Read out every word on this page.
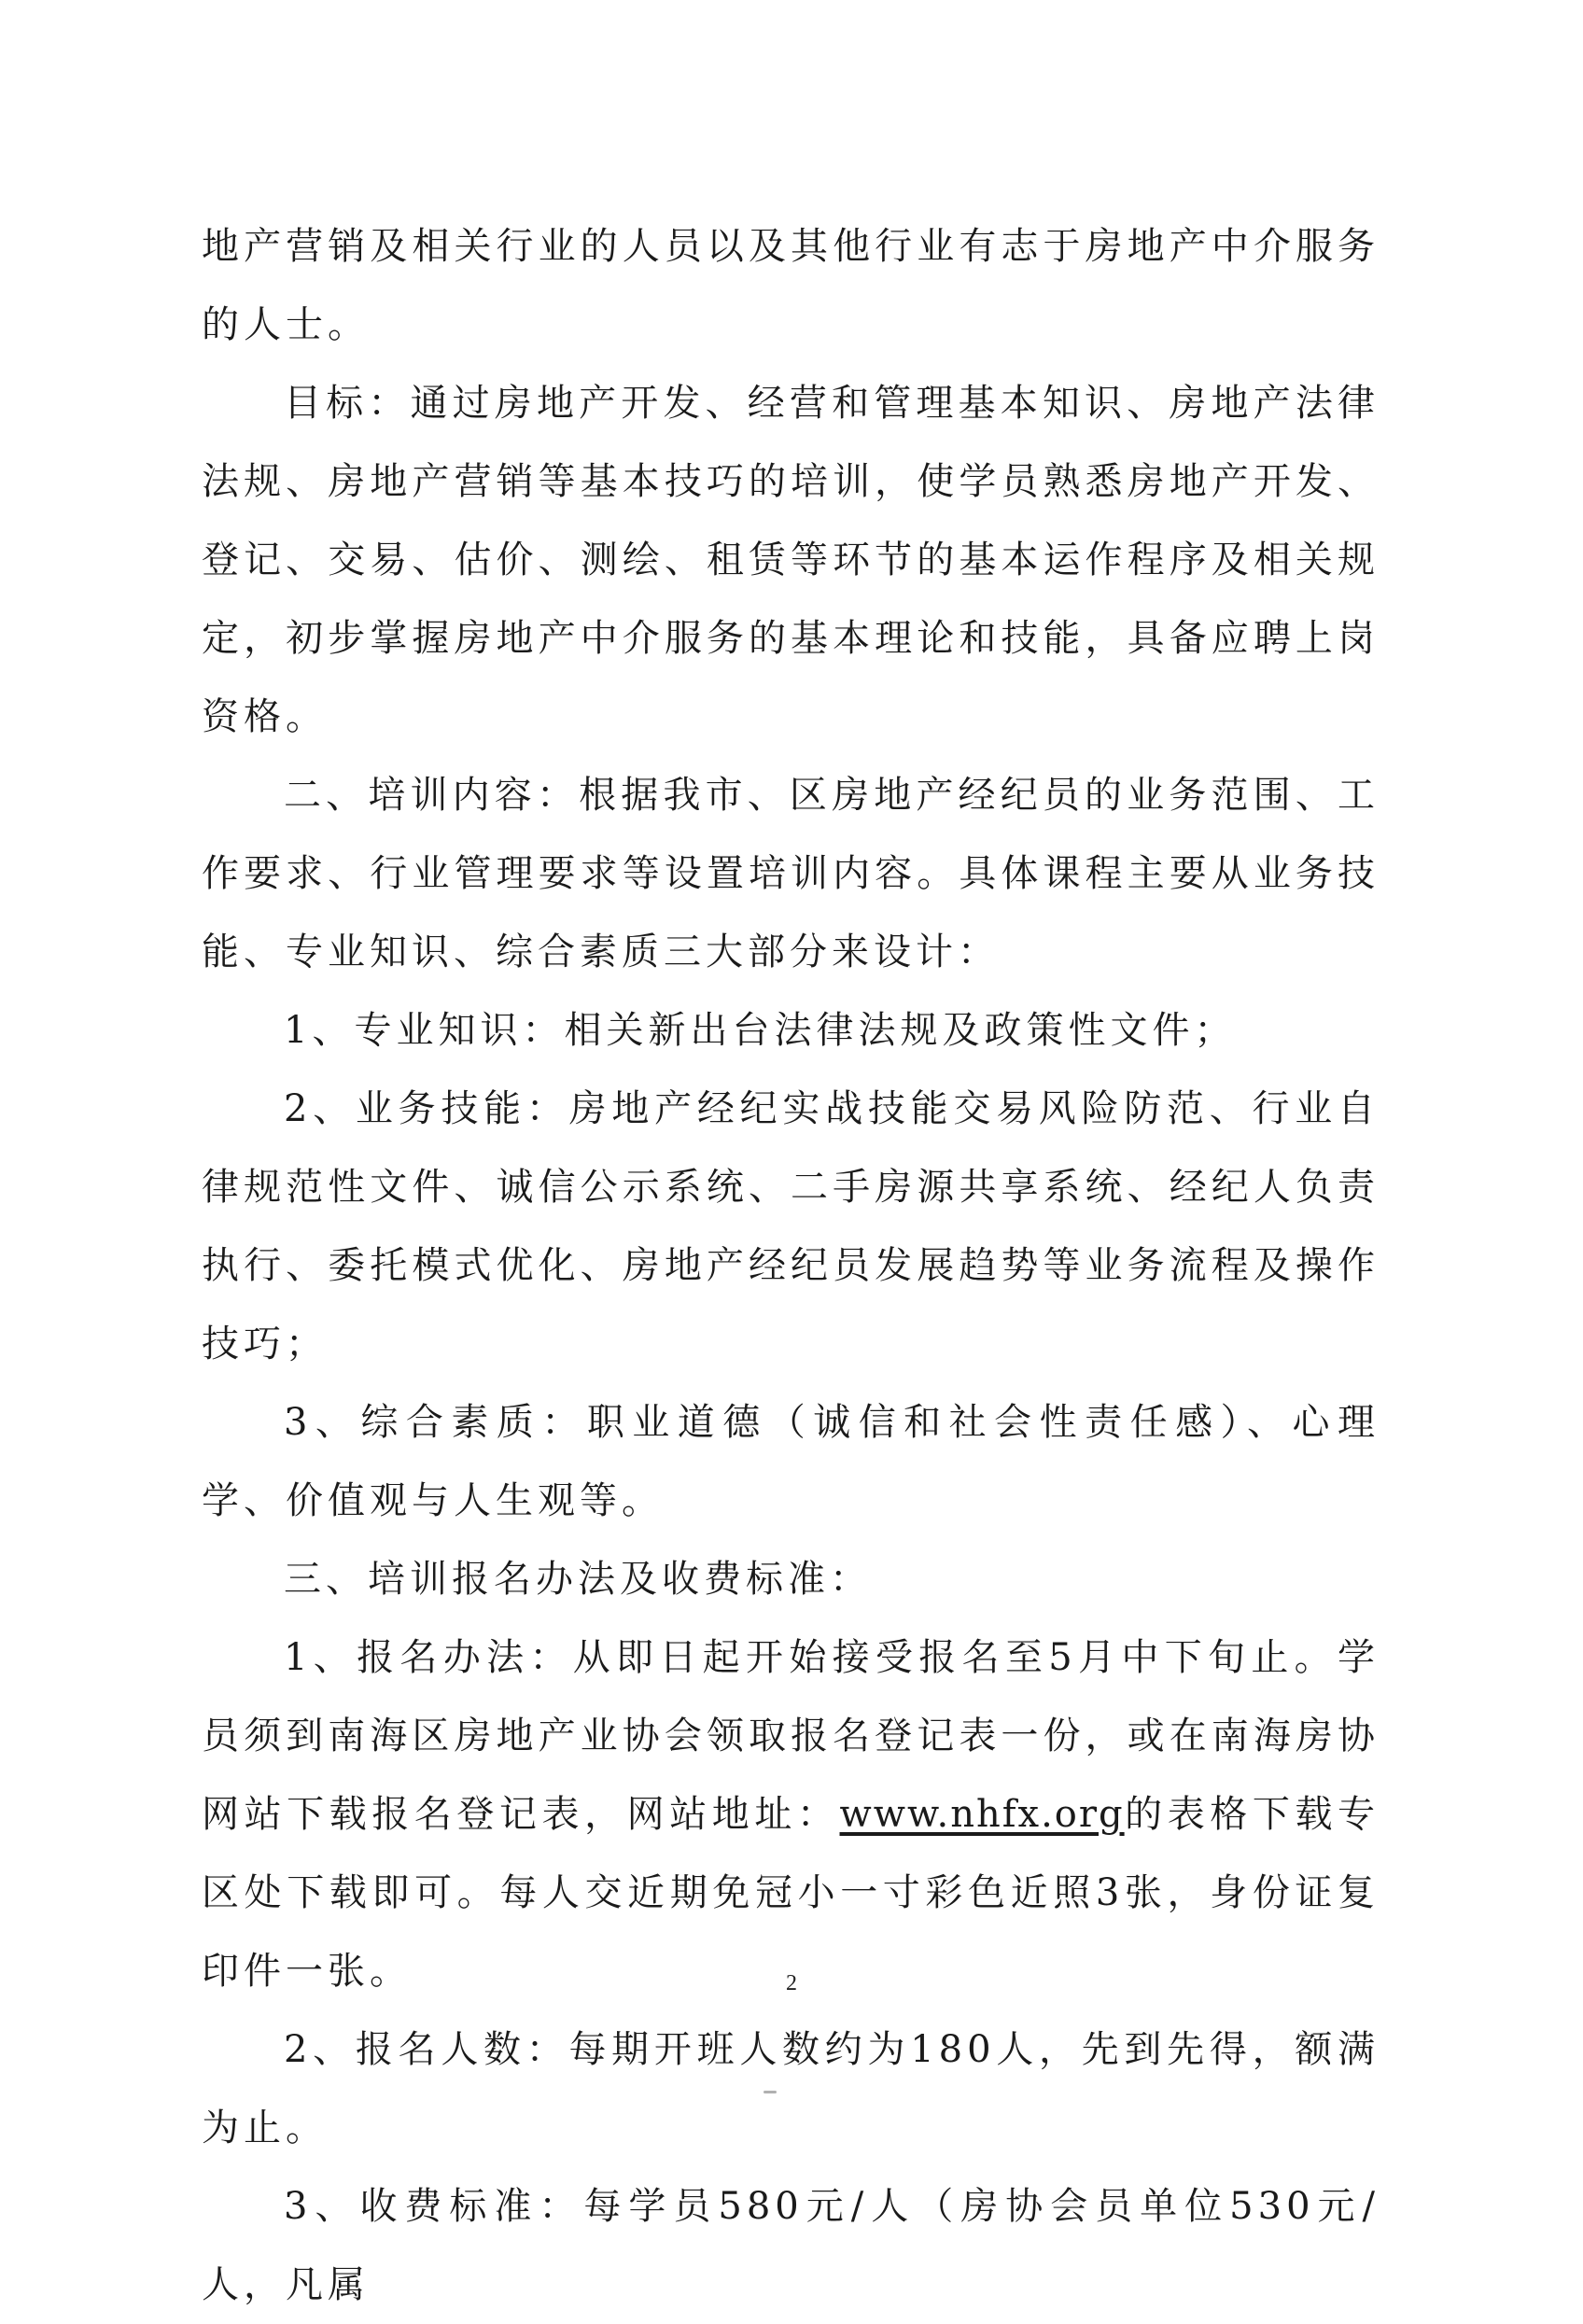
地产营销及相关行业的人员以及其他行业有志于房地产中介服务的人士。

目标：通过房地产开发、经营和管理基本知识、房地产法律法规、房地产营销等基本技巧的培训，使学员熟悉房地产开发、登记、交易、估价、测绘、租赁等环节的基本运作程序及相关规定，初步掌握房地产中介服务的基本理论和技能，具备应聘上岗资格。

二、培训内容：根据我市、区房地产经纪员的业务范围、工作要求、行业管理要求等设置培训内容。具体课程主要从业务技能、专业知识、综合素质三大部分来设计：

1、专业知识：相关新出台法律法规及政策性文件；

2、业务技能：房地产经纪实战技能交易风险防范、行业自律规范性文件、诚信公示系统、二手房源共享系统、经纪人负责执行、委托模式优化、房地产经纪员发展趋势等业务流程及操作技巧；

3、综合素质：职业道德（诚信和社会性责任感）、心理学、价值观与人生观等。

三、培训报名办法及收费标准：

1、报名办法：从即日起开始接受报名至5月中下旬止。学员须到南海区房地产业协会领取报名登记表一份，或在南海房协网站下载报名登记表，网站地址：www.nhfx.org的表格下载专区处下载即可。每人交近期免冠小一寸彩色近照3张，身份证复印件一张。

2、报名人数：每期开班人数约为180人，先到先得，额满为止。

3、收费标准：每学员580元/人（房协会员单位530元/人，凡属

2
